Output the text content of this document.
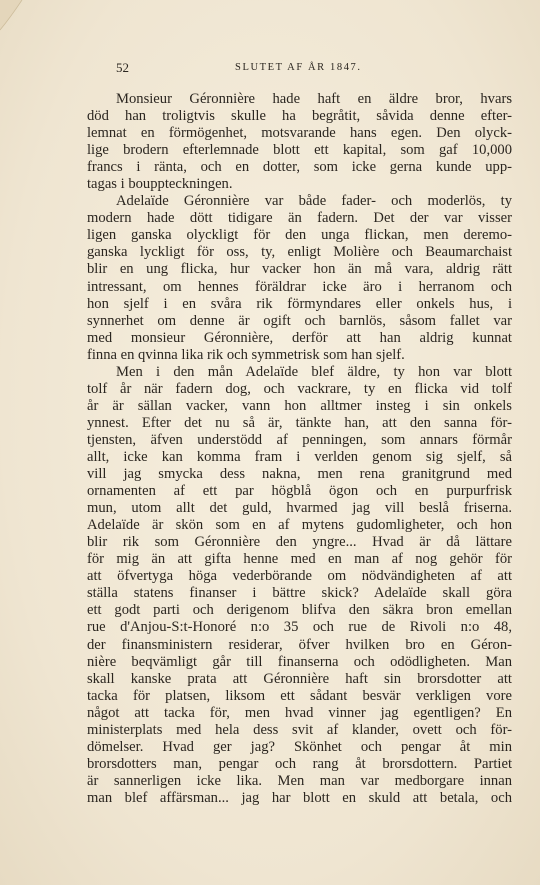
52	SLUTET AF ÅR 1847.
Monsieur Géronnière hade haft en äldre bror, hvars
död han troligtvis skulle ha begråtit, såvida denne efter-
lemnat en förmögenhet, motsvarande hans egen. Den olyck-
lige brodern efterlemnade blott ett kapital, som gaf 10,000
francs i ränta, och en dotter, som icke gerna kunde upp-
tagas i bouppteckningen.
Adelaïde Géronnière var både fader- och moderlös, ty
modern hade dött tidigare än fadern. Det der var visser
ligen ganska olyckligt för den unga flickan, men deremo-
ganska lyckligt för oss, ty, enligt Molière och Beaumarchaist
blir en ung flicka, hur vacker hon än må vara, aldrig rätt
intressant, om hennes föräldrar icke äro i herranom och
hon sjelf i en svåra rik förmyndares eller onkels hus, i
synnerhet om denne är ogift och barnlös, såsom fallet var
med monsieur Géronnière, derför att han aldrig kunnat
finna en qvinna lika rik och symmetrisk som han sjelf.
Men i den mån Adelaïde blef äldre, ty hon var blott
tolf år när fadern dog, och vackrare, ty en flicka vid tolf
år är sällan vacker, vann hon alltmer insteg i sin onkels
ynnest. Efter det nu så är, tänkte han, att den sanna för-
tjensten, äfven understödd af penningen, som annars förmår
allt, icke kan komma fram i verlden genom sig sjelf, så
vill jag smycka dess nakna, men rena granitgrund med
ornamenten af ett par högblå ögon och en purpurfrisk
mun, utom allt det guld, hvarmed jag vill beslå friserna.
Adelaïde är skön som en af mytens gudomligheter, och hon
blir rik som Géronnière den yngre... Hvad är då lättare
för mig än att gifta henne med en man af nog gehör för
att öfvertyga höga vederbörande om nödvändigheten af att
ställa statens finanser i bättre skick? Adelaïde skall göra
ett godt parti och derigenom blifva den säkra bron emellan
rue d'Anjou-S:t-Honoré n:o 35 och rue de Rivoli n:o 48,
der finansministern residerar, öfver hvilken bro en Géron-
nière beqvämligt går till finanserna och odödligheten. Man
skall kanske prata att Géronnière haft sin brorsdotter att
tacka för platsen, liksom ett sådant besvär verkligen vore
något att tacka för, men hvad vinner jag egentligen? En
ministerplats med hela dess svit af klander, ovett och för-
dömelser. Hvad ger jag? Skönhet och pengar åt min
brorsdotters man, pengar och rang åt brorsdottern. Partiet
är sannerligen icke lika. Men man var medborgare innan
man blef affärsman... jag har blott en skuld att betala, och
